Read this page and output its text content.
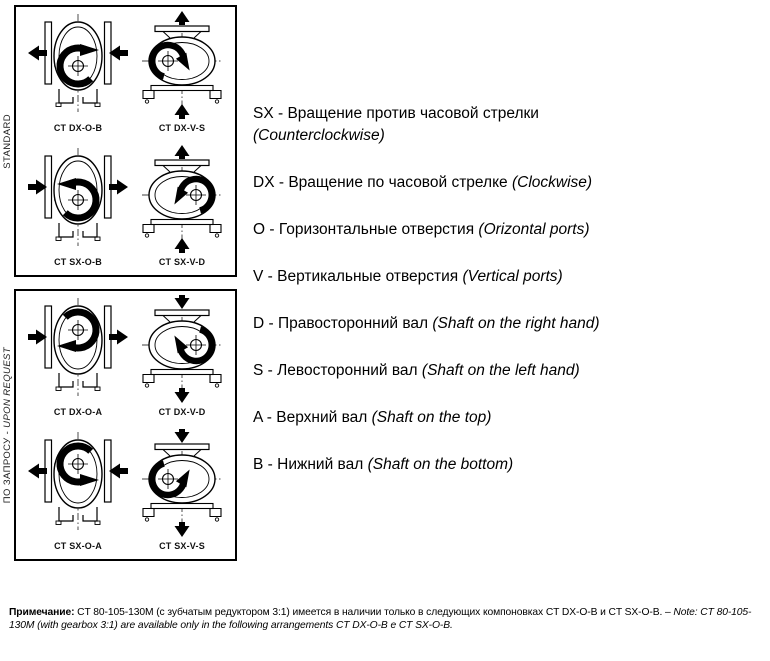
STANDARD	CT DX-O-B	CT DX-V-S
CT SX-O-B	CT SX-V-D
ПО ЗАПРОСУ - UPON REQUEST	CT DX-O-A	CT DX-V-D
CT SX-O-A	CT SX-V-S
SX - Вращение против часовой стрелки
(Counterclockwise)
DX - Вращение по часовой стрелке (Clockwise)
O - Горизонтальные отверстия (Orizontal ports)
V - Вертикальные отверстия (Vertical ports)
D - Правосторонний вал (Shaft on the right hand)
S - Левосторонний вал (Shaft on the left hand)
A - Верхний вал (Shaft on the top)
B - Нижний вал (Shaft on the bottom)
Примечание: CT 80-105-130M (с зубчатым редуктором 3:1) имеется в наличии только в следующих компоновках CT DX-O-B и CT SX-O-B. – Note: CT 80-105-130M (with gearbox 3:1) are available only in the following arrangements CT DX-O-B e CT SX-O-B.
